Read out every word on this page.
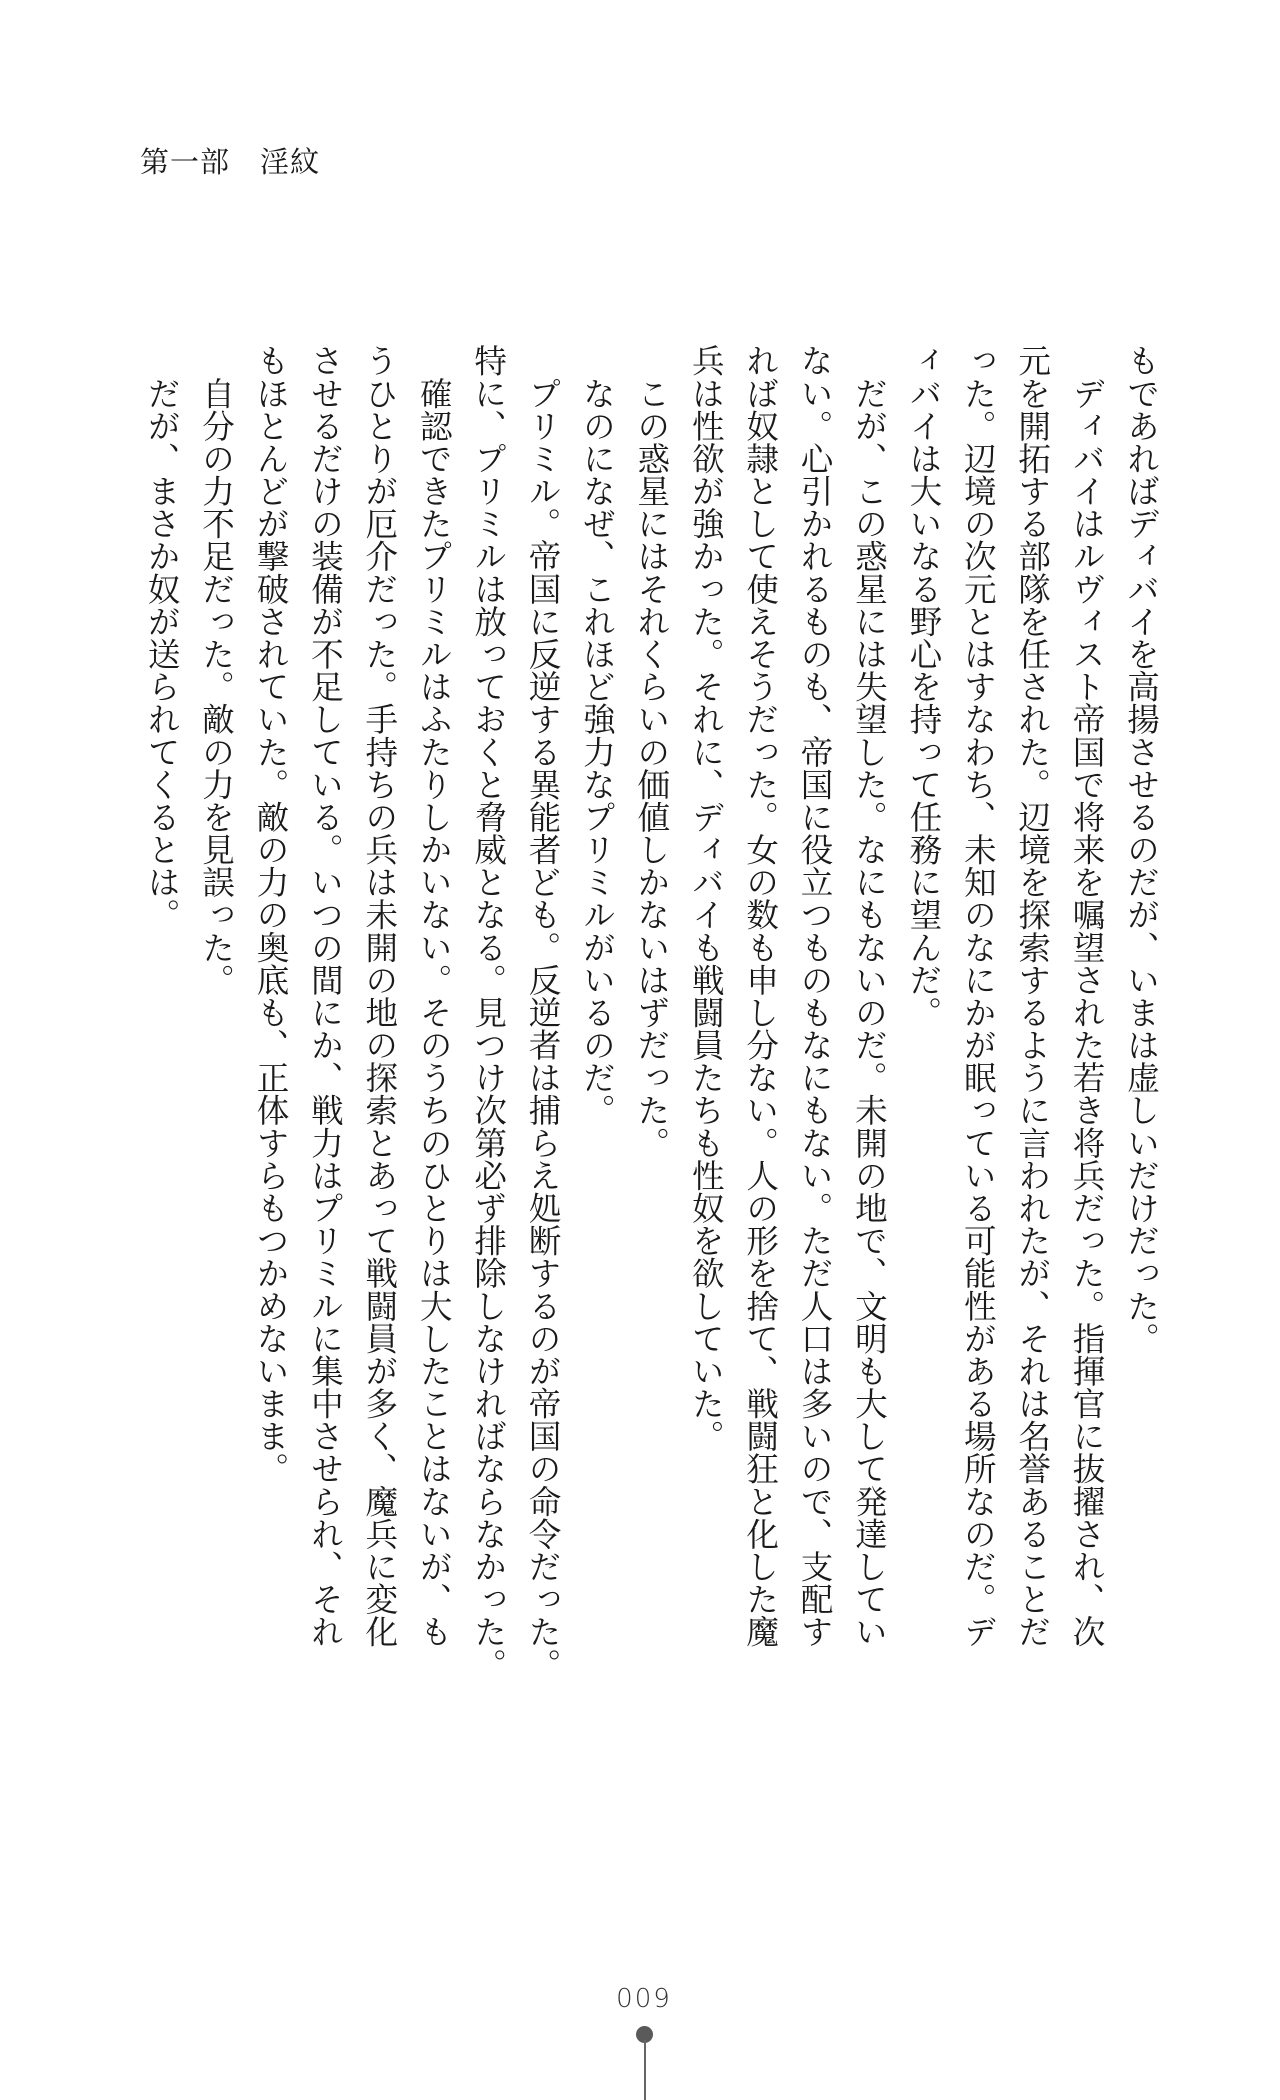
第一部　淫紋
もであればディバイを高揚させるのだが、いまは虚しいだけだった。
　ディバイはルヴィスト帝国で将来を嘱望された若き将兵だった。指揮官に抜擢され、次
元を開拓する部隊を任された。辺境を探索するように言われたが、それは名誉あることだ
った。辺境の次元とはすなわち、未知のなにかが眠っている可能性がある場所なのだ。デ
ィバイは大いなる野心を持って任務に望んだ。
　だが、この惑星には失望した。なにもないのだ。未開の地で、文明も大して発達してい
ない。心引かれるものも、帝国に役立つものもなにもない。ただ人口は多いので、支配す
れば奴隷として使えそうだった。女の数も申し分ない。人の形を捨て、戦闘狂と化した魔
兵は性欲が強かった。それに、ディバイも戦闘員たちも性奴を欲していた。
　この惑星にはそれくらいの価値しかないはずだった。
　なのになぜ、これほど強力なプリミルがいるのだ。
　プリミル。帝国に反逆する異能者ども。反逆者は捕らえ処断するのが帝国の命令だった。
特に、プリミルは放っておくと脅威となる。見つけ次第必ず排除しなければならなかった。
　確認できたプリミルはふたりしかいない。そのうちのひとりは大したことはないが、も
うひとりが厄介だった。手持ちの兵は未開の地の探索とあって戦闘員が多く、魔兵に変化
させるだけの装備が不足している。いつの間にか、戦力はプリミルに集中させられ、それ
もほとんどが撃破されていた。敵の力の奥底も、正体すらもつかめないまま。
　自分の力不足だった。敵の力を見誤った。
　だが、まさか奴が送られてくるとは。
009
